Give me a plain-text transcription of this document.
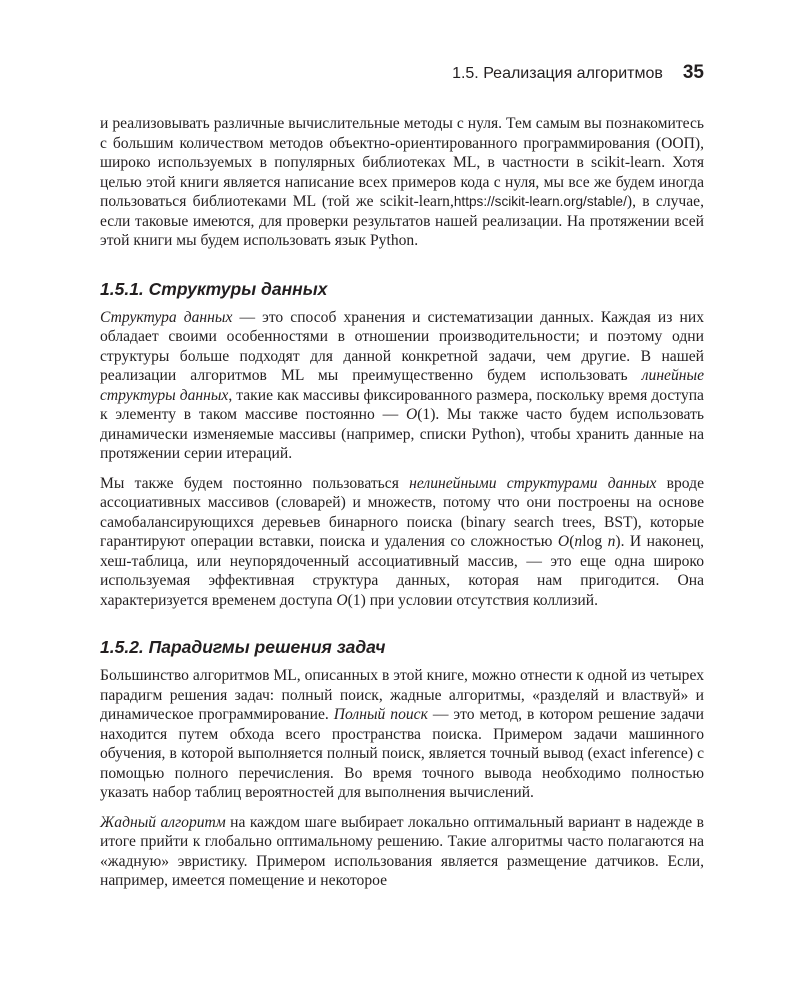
1.5. Реализация алгоритмов 35

и реализовывать различные вычислительные методы с нуля. Тем самым вы познакомитесь с большим количеством методов объектно-ориентированного программирования (ООП), широко используемых в популярных библиотеках ML, в частности в scikit-learn. Хотя целью этой книги является написание всех примеров кода с нуля, мы все же будем иногда пользоваться библиотеками ML (той же scikit-learn,https://scikit-learn.org/stable/), в случае, если таковые имеются, для проверки результатов нашей реализации. На протяжении всей этой книги мы будем использовать язык Python.

1.5.1. Структуры данных

Структура данных — это способ хранения и систематизации данных. Каждая из них обладает своими особенностями в отношении производительности; и поэтому одни структуры больше подходят для данной конкретной задачи, чем другие. В нашей реализации алгоритмов ML мы преимущественно будем использовать линейные структуры данных, такие как массивы фиксированного размера, поскольку время доступа к элементу в таком массиве постоянно — O(1). Мы также часто будем использовать динамически изменяемые массивы (например, списки Python), чтобы хранить данные на протяжении серии итераций.

Мы также будем постоянно пользоваться нелинейными структурами данных вроде ассоциативных массивов (словарей) и множеств, потому что они построены на основе самобалансирующихся деревьев бинарного поиска (binary search trees, BST), которые гарантируют операции вставки, поиска и удаления со сложностью O(nlog n). И наконец, хеш-таблица, или неупорядоченный ассоциативный массив, — это еще одна широко используемая эффективная структура данных, которая нам пригодится. Она характеризуется временем доступа O(1) при условии отсутствия коллизий.

1.5.2. Парадигмы решения задач

Большинство алгоритмов ML, описанных в этой книге, можно отнести к одной из четырех парадигм решения задач: полный поиск, жадные алгоритмы, «разделяй и властвуй» и динамическое программирование. Полный поиск — это метод, в котором решение задачи находится путем обхода всего пространства поиска. Примером задачи машинного обучения, в которой выполняется полный поиск, является точный вывод (exact inference) с помощью полного перечисления. Во время точного вывода необходимо полностью указать набор таблиц вероятностей для выполнения вычислений.

Жадный алгоритм на каждом шаге выбирает локально оптимальный вариант в надежде в итоге прийти к глобально оптимальному решению. Такие алгоритмы часто полагаются на «жадную» эвристику. Примером использования является размещение датчиков. Если, например, имеется помещение и некоторое
